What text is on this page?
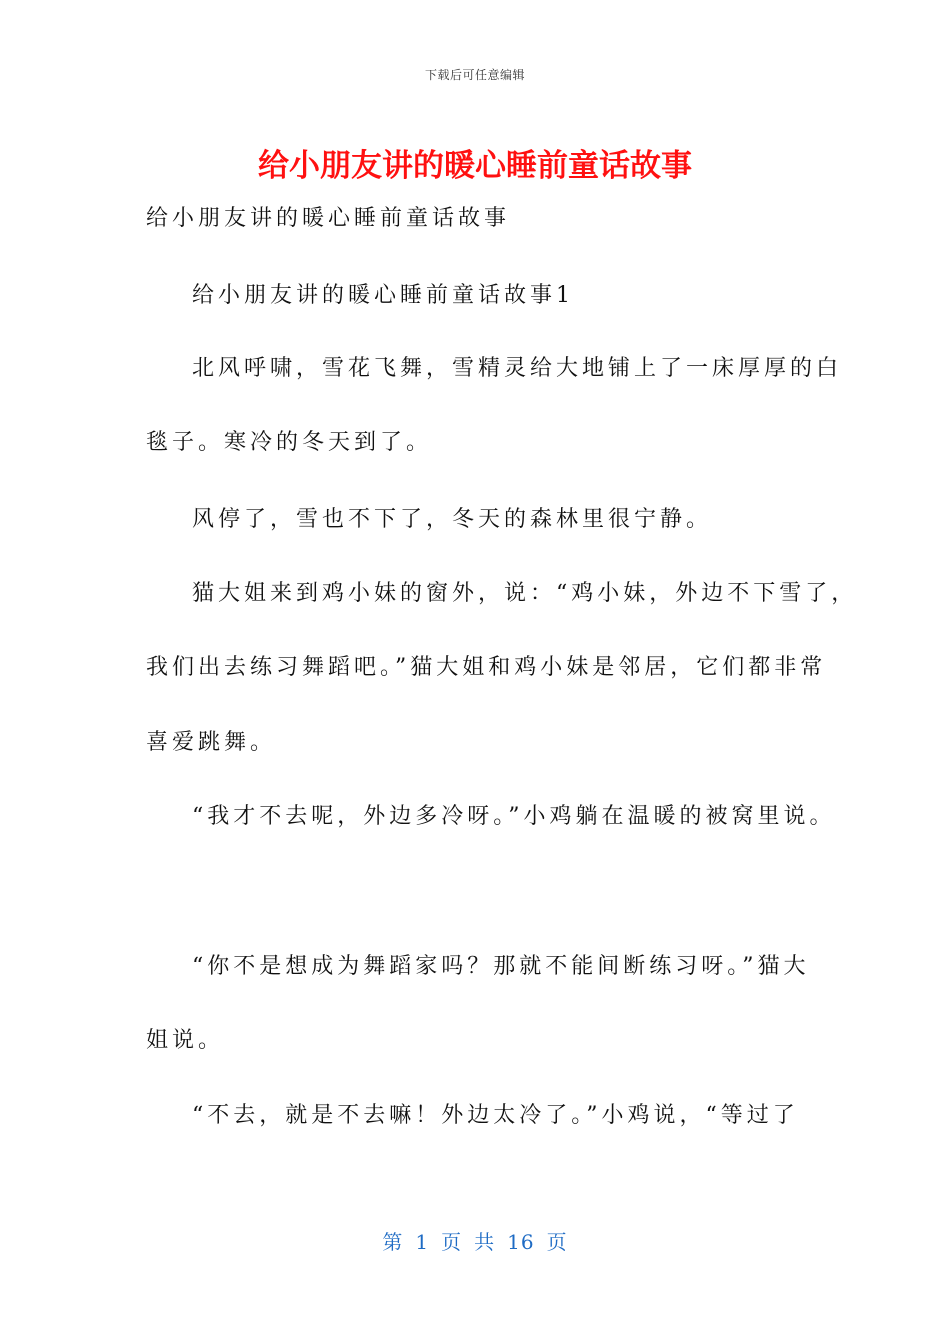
下载后可任意编辑
给小朋友讲的暖心睡前童话故事

给小朋友讲的暖心睡前童话故事

给小朋友讲的暖心睡前童话故事1

北风呼啸，雪花飞舞，雪精灵给大地铺上了一床厚厚的白

毯子。寒冷的冬天到了。

风停了，雪也不下了，冬天的森林里很宁静。

猫大姐来到鸡小妹的窗外，说：“鸡小妹，外边不下雪了，

我们出去练习舞蹈吧。”猫大姐和鸡小妹是邻居，它们都非常

喜爱跳舞。

“我才不去呢，外边多冷呀。”小鸡躺在温暖的被窝里说。

“你不是想成为舞蹈家吗？那就不能间断练习呀。”猫大

姐说。

“不去，就是不去嘛！外边太冷了。”小鸡说，“等过了

第 1 页 共 16 页
